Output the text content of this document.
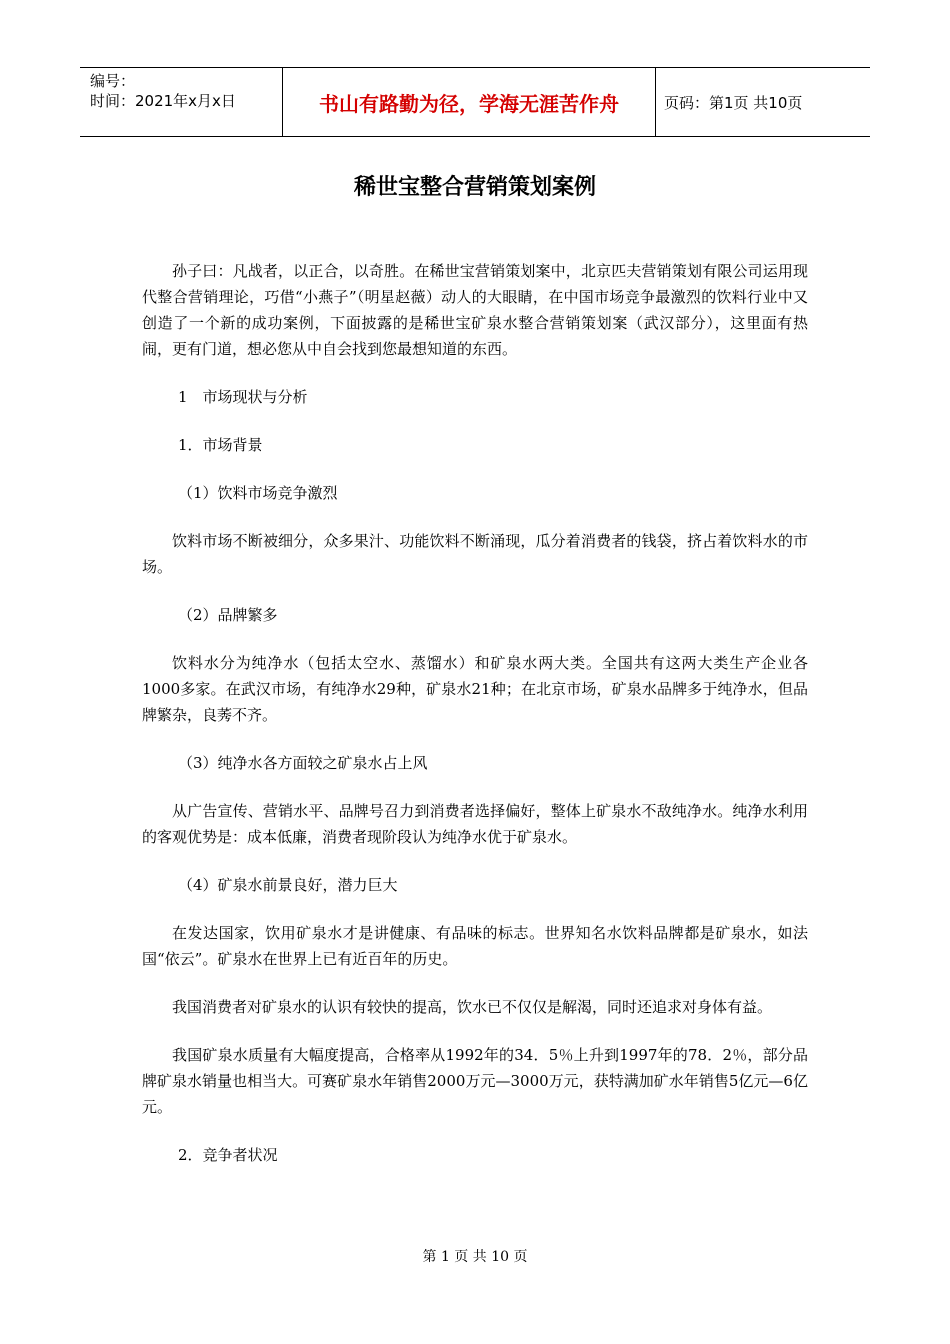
编号：
时间：2021年x月x日	书山有路勤为径，学海无涯苦作舟	页码：第1页 共10页
稀世宝整合营销策划案例

孙子曰：凡战者，以正合，以奇胜。在稀世宝营销策划案中，北京匹夫营销策划有限公司运用现代整合营销理论，巧借“小燕子”（明星赵薇）动人的大眼睛，在中国市场竞争最激烈的饮料行业中又创造了一个新的成功案例，下面披露的是稀世宝矿泉水整合营销策划案（武汉部分），这里面有热闹，更有门道，想必您从中自会找到您最想知道的东西。

1　市场现状与分析

1．市场背景

（1）饮料市场竞争激烈

饮料市场不断被细分，众多果汁、功能饮料不断涌现，瓜分着消费者的钱袋，挤占着饮料水的市场。

（2）品牌繁多

饮料水分为纯净水（包括太空水、蒸馏水）和矿泉水两大类。全国共有这两大类生产企业各1000多家。在武汉市场，有纯净水29种，矿泉水21种；在北京市场，矿泉水品牌多于纯净水，但品牌繁杂，良莠不齐。

（3）纯净水各方面较之矿泉水占上风

从广告宣传、营销水平、品牌号召力到消费者选择偏好，整体上矿泉水不敌纯净水。纯净水利用的客观优势是：成本低廉，消费者现阶段认为纯净水优于矿泉水。

（4）矿泉水前景良好，潜力巨大

在发达国家，饮用矿泉水才是讲健康、有品味的标志。世界知名水饮料品牌都是矿泉水，如法国“依云”。矿泉水在世界上已有近百年的历史。

我国消费者对矿泉水的认识有较快的提高，饮水已不仅仅是解渴，同时还追求对身体有益。

我国矿泉水质量有大幅度提高，合格率从1992年的34．5％上升到1997年的78．2％，部分品牌矿泉水销量也相当大。可赛矿泉水年销售2000万元—3000万元，获特满加矿水年销售5亿元—6亿元。

2．竞争者状况

第 1 页 共 10 页
